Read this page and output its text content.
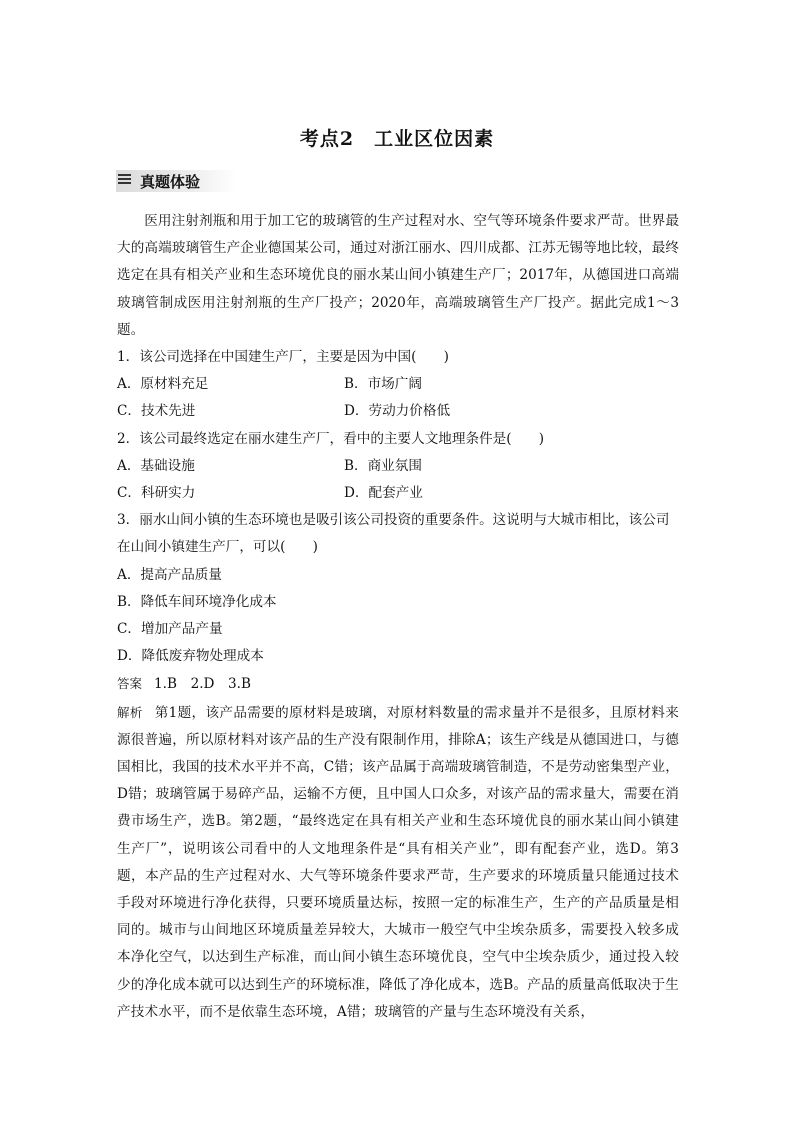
考点2　工业区位因素
真题体验

医用注射剂瓶和用于加工它的玻璃管的生产过程对水、空气等环境条件要求严苛。世界最大的高端玻璃管生产企业德国某公司，通过对浙江丽水、四川成都、江苏无锡等地比较，最终选定在具有相关产业和生态环境优良的丽水某山间小镇建生产厂；2017年，从德国进口高端玻璃管制成医用注射剂瓶的生产厂投产；2020年，高端玻璃管生产厂投产。据此完成1～3题。

1．该公司选择在中国建生产厂，主要是因为中国(　　)

A．原材料充足	B．市场广阔
C．技术先进	D．劳动力价格低

2．该公司最终选定在丽水建生产厂，看中的主要人文地理条件是(　　)

A．基础设施	B．商业氛围
C．科研实力	D．配套产业

3．丽水山间小镇的生态环境也是吸引该公司投资的重要条件。这说明与大城市相比，该公司在山间小镇建生产厂，可以(　　)

A．提高产品质量
B．降低车间环境净化成本
C．增加产品产量
D．降低废弃物处理成本

答案 1.B　2.D　3.B

解析 第1题，该产品需要的原材料是玻璃，对原材料数量的需求量并不是很多，且原材料来源很普遍，所以原材料对该产品的生产没有限制作用，排除A；该生产线是从德国进口，与德国相比，我国的技术水平并不高，C错；该产品属于高端玻璃管制造，不是劳动密集型产业，D错；玻璃管属于易碎产品，运输不方便，且中国人口众多，对该产品的需求量大，需要在消费市场生产，选B。第2题，“最终选定在具有相关产业和生态环境优良的丽水某山间小镇建生产厂”，说明该公司看中的人文地理条件是“具有相关产业”，即有配套产业，选D。第3题，本产品的生产过程对水、大气等环境条件要求严苛，生产要求的环境质量只能通过技术手段对环境进行净化获得，只要环境质量达标，按照一定的标准生产，生产的产品质量是相同的。城市与山间地区环境质量差异较大，大城市一般空气中尘埃杂质多，需要投入较多成本净化空气，以达到生产标准，而山间小镇生态环境优良，空气中尘埃杂质少，通过投入较少的净化成本就可以达到生产的环境标准，降低了净化成本，选B。产品的质量高低取决于生产技术水平，而不是依靠生态环境，A错；玻璃管的产量与生态环境没有关系，
